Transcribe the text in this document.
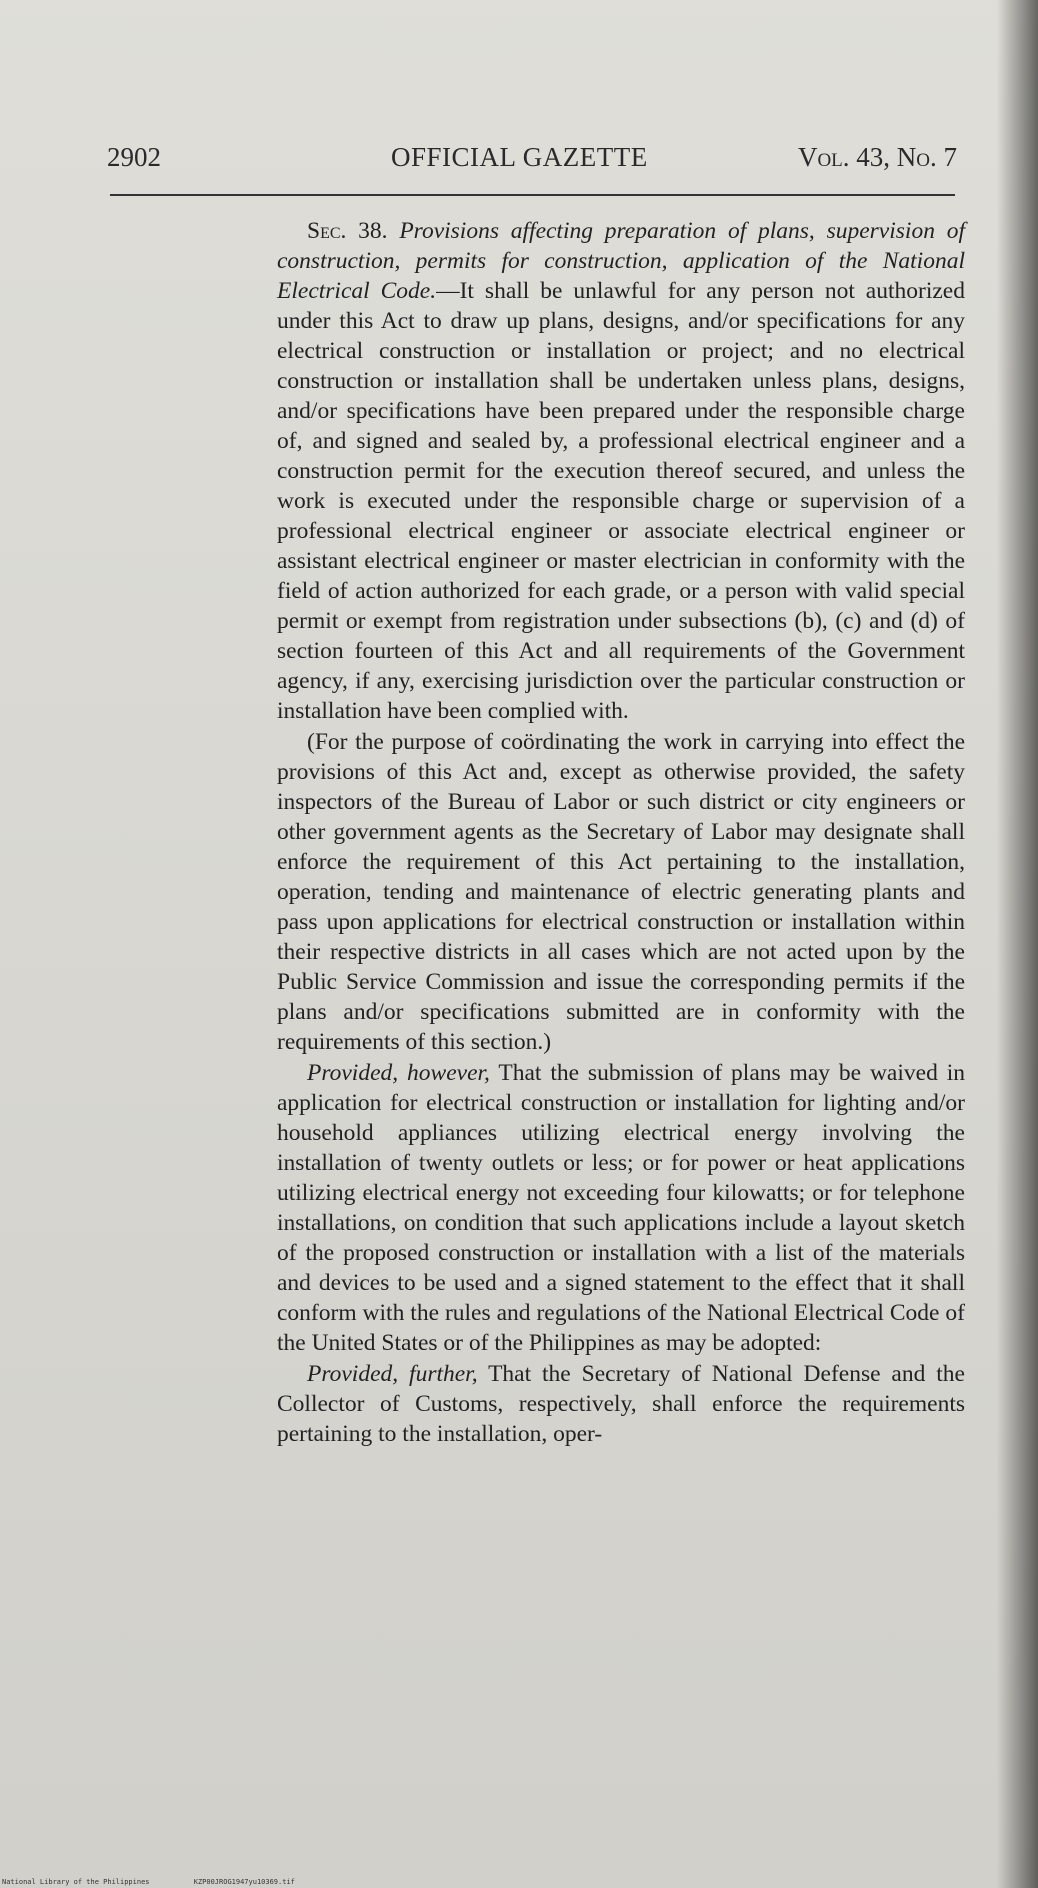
2902	OFFICIAL GAZETTE	Vol. 43, No. 7

Sec. 38. Provisions affecting preparation of plans, supervision of construction, permits for construction, application of the National Electrical Code.—It shall be unlawful for any person not authorized under this Act to draw up plans, designs, and/or specifications for any electrical construction or installation or project; and no electrical construction or installation shall be undertaken unless plans, designs, and/or specifications have been prepared under the responsible charge of, and signed and sealed by, a professional electrical engineer and a construction permit for the execution thereof secured, and unless the work is executed under the responsible charge or supervision of a professional electrical engineer or associate electrical engineer or assistant electrical engineer or master electrician in conformity with the field of action authorized for each grade, or a person with valid special permit or exempt from registration under subsections (b), (c) and (d) of section fourteen of this Act and all requirements of the Government agency, if any, exercising jurisdiction over the particular construction or installation have been complied with.

(For the purpose of coördinating the work in carrying into effect the provisions of this Act and, except as otherwise provided, the safety inspectors of the Bureau of Labor or such district or city engineers or other government agents as the Secretary of Labor may designate shall enforce the requirement of this Act pertaining to the installation, operation, tending and maintenance of electric generating plants and pass upon applications for electrical construction or installation within their respective districts in all cases which are not acted upon by the Public Service Commission and issue the corresponding permits if the plans and/or specifications submitted are in conformity with the requirements of this section.)

Provided, however, That the submission of plans may be waived in application for electrical construction or installation for lighting and/or household appliances utilizing electrical energy involving the installation of twenty outlets or less; or for power or heat applications utilizing electrical energy not exceeding four kilowatts; or for telephone installations, on condition that such applications include a layout sketch of the proposed construction or installation with a list of the materials and devices to be used and a signed statement to the effect that it shall conform with the rules and regulations of the National Electrical Code of the United States or of the Philippines as may be adopted:

Provided, further, That the Secretary of National Defense and the Collector of Customs, respectively, shall enforce the requirements pertaining to the installation, oper-

National Library of the Philippines	KZP00JROG1947yu10369.tif
